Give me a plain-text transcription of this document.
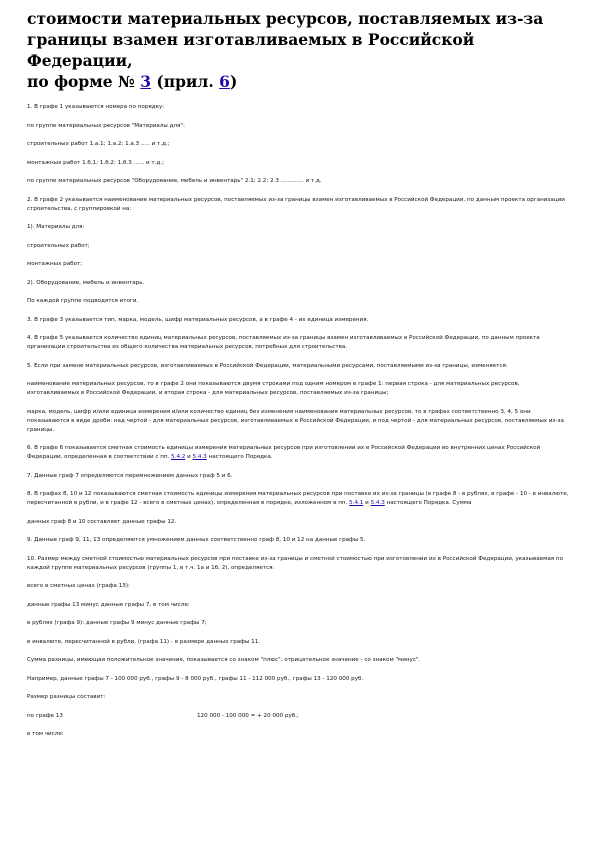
стоимости материальных ресурсов, поставляемых из-за
границы взамен изготавливаемых в Российской Федерации,
по форме № 3 (прил. 6)
1. В графе 1 указываются номера по порядку:
по группе материальных ресурсов "Материалы для":
строительных работ 1.а.1; 1.а.2; 1.а.3 ..... и т.д.;
монтажных работ 1.б.1; 1.б.2; 1.б.3 ...... и т.д.;
по группе материальных ресурсов "Оборудование, мебель и инвентарь" 2.1; 2.2; 2.3 ............. и т.д.
2. В графе 2 указывается наименование материальных ресурсов, поставляемых из-за границы взамен изготавливаемых в Российской Федерации, по данным проекта организации строительства, с группировкой на:
1). Материалы для:
строительных работ;
монтажных работ;
2). Оборудование, мебель и инвентарь.
По каждой группе подводятся итоги.
3. В графе 3 указывается тип, марка, модель, шифр материальных ресурсов, а в графе 4 - их единица измерения.
4. В графе 5 указывается количество единиц материальных ресурсов, поставляемых из-за границы взамен изготавливаемых в Российской Федерации, по данным проекта организации строительства из общего количества материальных ресурсов, потребных для строительства.
5. Если при замене материальных ресурсов, изготавливаемых в Российской Федерации, материальными ресурсами, поставляемыми из-за границы, изменяется:
наименование материальных ресурсов, то в графе 2 они показываются двумя строками под одним номером в графе 1: первая строка - для материальных ресурсов, изготавливаемых в Российской Федерации, и вторая строка - для материальных ресурсов, поставляемых из-за границы;
марка, модель, шифр и/или единица измерения и/или количество единиц без изменения наименования материальных ресурсов, то в графах соответственно 3, 4, 5 они показываются в виде дроби: над чертой - для материальных ресурсов, изготавливаемых в Российской Федерации, и под чертой - для материальных ресурсов, поставляемых из-за границы.
6. В графе 6 показывается сметная стоимость единицы измерения материальных ресурсов при изготовлении их в Российской Федерации во внутренних ценах Российской Федерации, определенная в соответствии с пп. 5.4.2 и 5.4.3 настоящего Порядка.
7. Данные граф 7 определяются перемножением данных граф 5 и 6.
8. В графах 8, 10 и 12 показываются сметная стоимость единицы измерения материальных ресурсов при поставке их из-за границы (в графе 8 - в рублях, в графе - 10 - в инвалюте, пересчитанной в рубли, и в графе 12 - всего в сметных ценах), определенная в порядке, изложенном в пп. 5.4.1 и 5.4.3 настоящего Порядка. Сумма
данных граф 8 и 10 составляет данные графы 12.
9. Данные граф 9, 11, 13 определяются умножением данных соответственно граф 8, 10 и 12 на данные графы 5.
10. Размер между сметной стоимостью материальных ресурсов при поставке из-за границы и сметной стоимостью при изготовлении их в Российской Федерации, указываемая по каждой группе материальных ресурсов (группы 1, в т.ч. 1а и 1б, 2), определяется:
всего в сметных ценах (графа 13):
данные графы 13 минус данные графы 7, в том числе:
в рублях (графа 9): данные графы 9 минус данные графы 7;
в инвалюте, пересчитанной в рубли, (графа 11) - в размере данных графы 11.
Сумма разницы, имеющая положительное значение, показывается со знаком "плюс", отрицательное значение - со знаком "минус".
Например, данные графы 7 - 100 000 руб., графы 9 - 8 000 руб., графы 11 - 112 000 руб., графы 13 - 120 000 руб.
Размер разницы составит:
по графе 13	120 000 - 100 000 = + 20 000 руб.;
в том числе:
